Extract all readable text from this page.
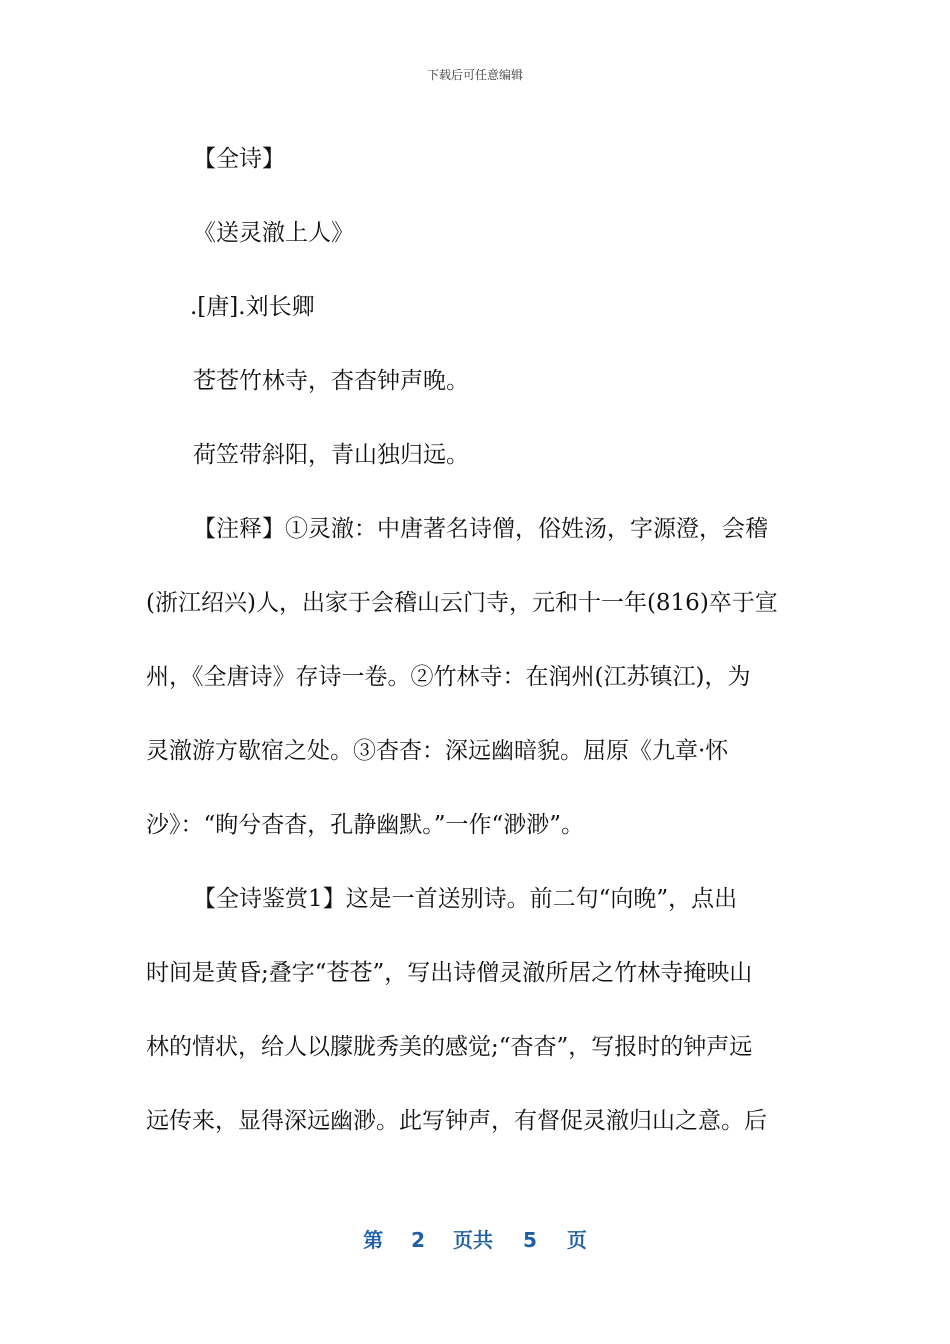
下载后可任意编辑
【全诗】
《送灵澈上人》
.[唐].刘长卿
苍苍竹林寺，杳杳钟声晚。
荷笠带斜阳，青山独归远。
【注释】①灵澈：中唐著名诗僧，俗姓汤，字源澄，会稽
(浙江绍兴)人，出家于会稽山云门寺，元和十一年(816)卒于宣
州，《全唐诗》存诗一卷。②竹林寺：在润州(江苏镇江)，为
灵澈游方歇宿之处。③杳杳：深远幽暗貌。屈原《九章·怀
沙》：“眴兮杳杳，孔静幽默。”一作“渺渺”。
【全诗鉴赏1】这是一首送别诗。前二句“向晚”，点出
时间是黄昏;叠字“苍苍”，写出诗僧灵澈所居之竹林寺掩映山
林的情状，给人以朦胧秀美的感觉;“杳杳”，写报时的钟声远
远传来，显得深远幽渺。此写钟声，有督促灵澈归山之意。后
第 2 页共 5 页
